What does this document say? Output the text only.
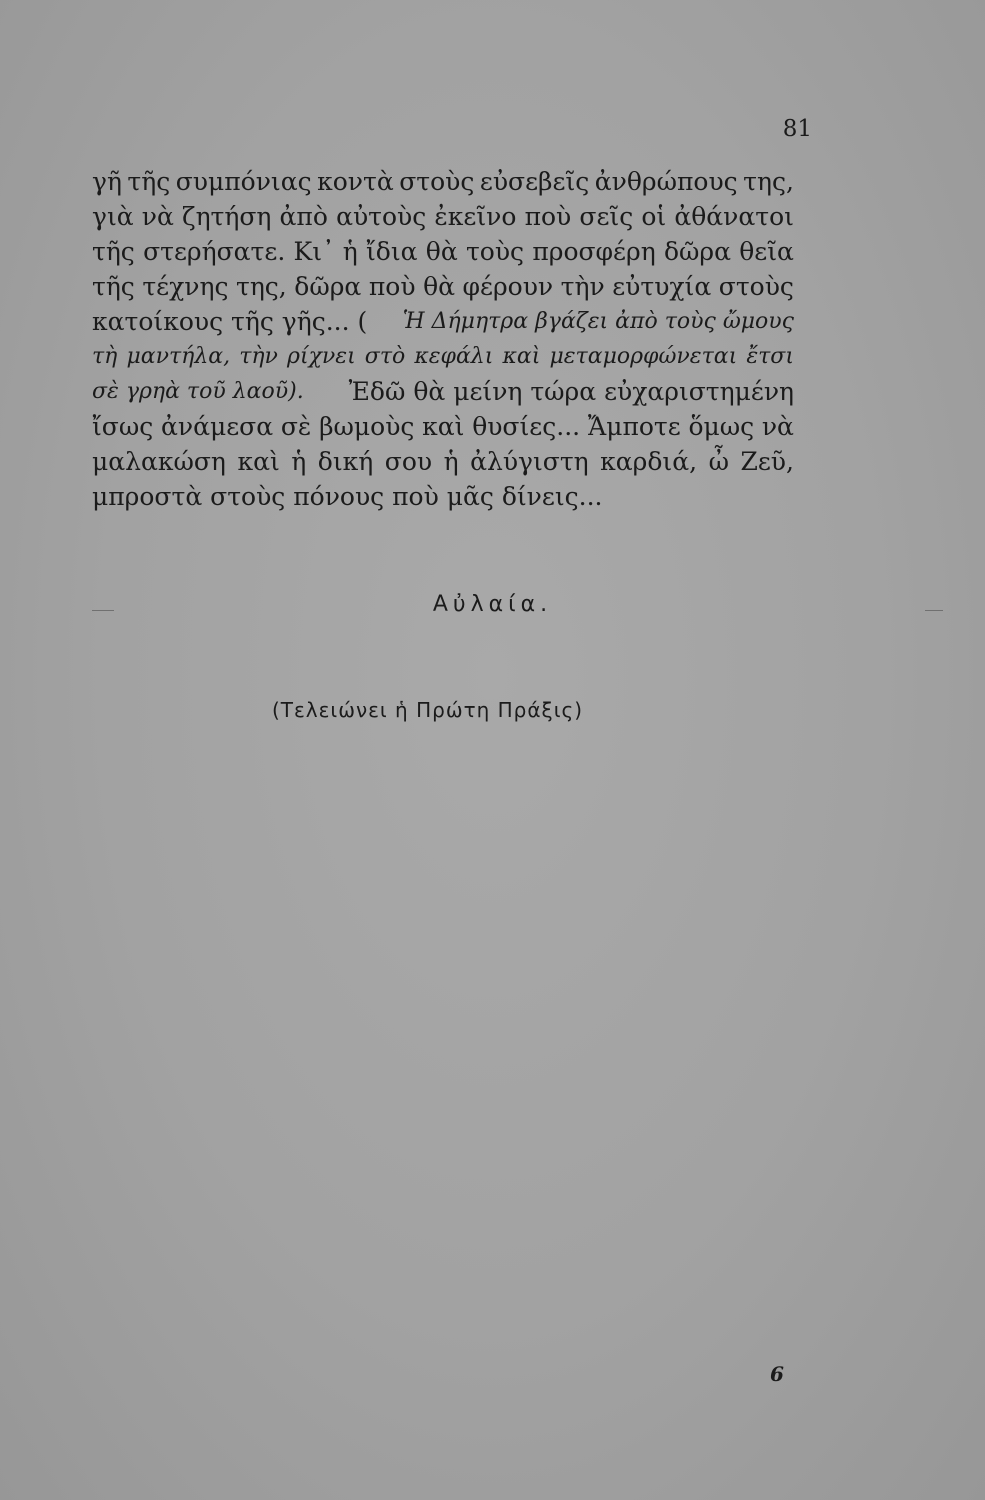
81
γῆ τῆς συμπόνιας κοντὰ στοὺς εὐσεβεῖς ἀνθρώπους της,
γιὰ νὰ ζητήση ἀπὸ αὐτοὺς ἐκεῖνο ποὺ σεῖς οἱ ἀθάνατοι
τῆς στερήσατε. Κι᾿ ἡ ἴδια θὰ τοὺς προσφέρη δῶρα θεῖα
τῆς τέχνης της, δῶρα ποὺ θὰ φέρουν τὴν εὐτυχία στοὺς
κατοίκους τῆς γῆς... ( Ἡ Δήμητρα βγάζει ἀπὸ τοὺς ὤμους
τὴ μαντήλα, τὴν ρίχνει στὸ κεφάλι καὶ μεταμορφώνεται ἔτσι
σὲ γρηὰ τοῦ λαοῦ). Ἐδῶ θὰ μείνη τώρα εὐχαριστημένη
ἴσως ἀνάμεσα σὲ βωμοὺς καὶ θυσίες... Ἄμποτε ὅμως νὰ
μαλακώση καὶ ἡ δική σου ἡ ἀλύγιστη καρδιά, ὦ Ζεῦ,
μπροστὰ στοὺς πόνους ποὺ μᾶς δίνεις...
Αὐλαία.
(Τελειώνει ἡ Πρώτη Πράξις)
6
